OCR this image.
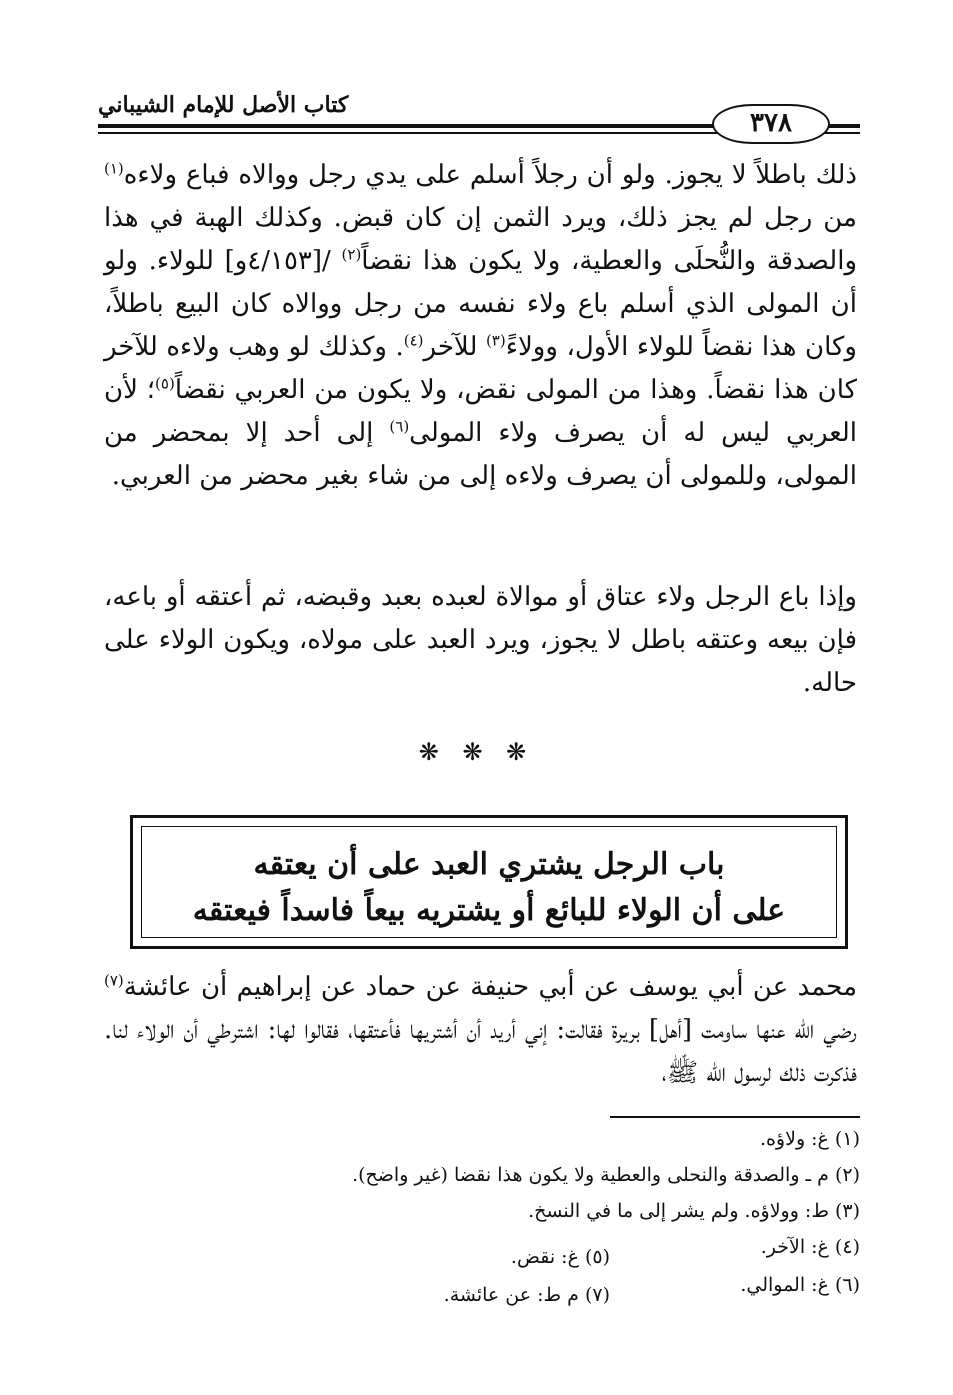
كتاب الأصل للإمام الشيباني
٣٧٨
ذلك باطلاً لا يجوز. ولو أن رجلاً أسلم على يدي رجل ووالاه فباع ولاءه$^{(١)}$ من رجل لم يجز ذلك، ويرد الثمن إن كان قبض. وكذلك الهبة في هذا والصدقة والنُّحلَى والعطية، ولا يكون هذا نقضاً$^{(٢)}$ /[٤/١٥٣و] للولاء. ولو أن المولى الذي أسلم باع ولاء نفسه من رجل ووالاه كان البيع باطلاً، وكان هذا نقضاً للولاء الأول، وولاءً$^{(٣)}$ للآخر$^{(٤)}$. وكذلك لو وهب ولاءه للآخر كان هذا نقضاً. وهذا من المولى نقض، ولا يكون من العربي نقضاً$^{(٥)}$؛ لأن العربي ليس له أن يصرف ولاء المولى$^{(٦)}$ إلى أحد إلا بمحضر من المولى، وللمولى أن يصرف ولاءه إلى من شاء بغير محضر من العربي.
وإذا باع الرجل ولاء عتاق أو موالاة لعبده بعبد وقبضه، ثم أعتقه أو باعه، فإن بيعه وعتقه باطل لا يجوز، ويرد العبد على مولاه، ويكون الولاء على حاله.
❋ ❋ ❋
باب الرجل يشتري العبد على أن يعتقه
على أن الولاء للبائع أو يشتريه بيعاً فاسداً فيعتقه
محمد عن أبي يوسف عن أبي حنيفة عن حماد عن إبراهيم أن عائشة$^{(٧)}$ رضي الله عنها ساومت [أهل] بريرة فقالت: إني أريد أن أشتريها فأعتقها، فقالوا لها: اشترطي أن الولاء لنا. فذكرت ذلك لرسول الله ﷺ،
(١) غ: ولاؤه.
(٢) م ـ والصدقة والنحلى والعطية ولا يكون هذا نقضا (غير واضح).
(٣) ط: وولاؤه. ولم يشر إلى ما في النسخ.
(٤) غ: الآخر.
(٥) غ: نقض.
(٦) غ: الموالي.
(٧) م ط: عن عائشة.
